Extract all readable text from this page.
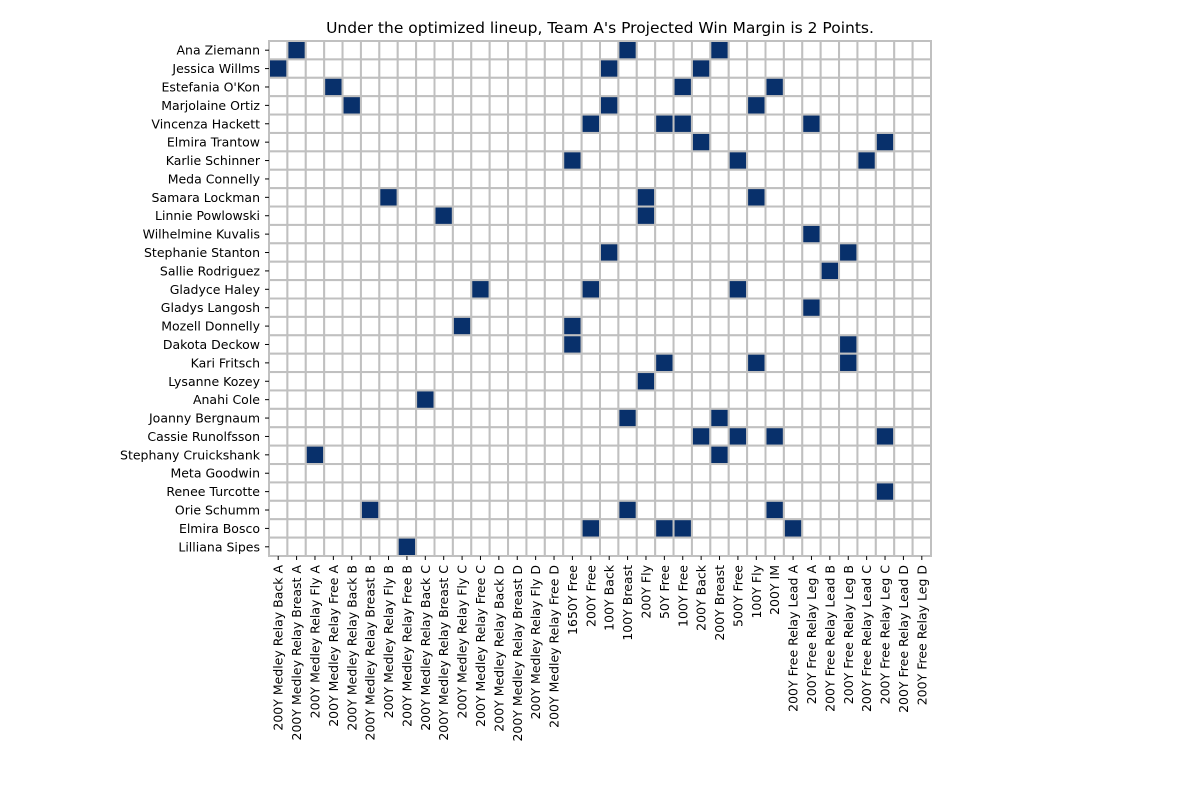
Under the optimized lineup, Team A's Projected Win Margin is 2 Points.
Ana Ziemann
Jessica Willms
Estefania O'Kon
Marjolaine Ortiz
Vincenza Hackett
Elmira Trantow
Karlie Schinner
Meda Connelly
Samara Lockman
Linnie Powlowski
Wilhelmine Kuvalis
Stephanie Stanton
Sallie Rodriguez
Gladyce Haley
Gladys Langosh
Mozell Donnelly
Dakota Deckow
Kari Fritsch
Lysanne Kozey
Anahi Cole
Joanny Bergnaum
Cassie Runolfsson
Stephany Cruickshank
Meta Goodwin
Renee Turcotte
Orie Schumm
Elmira Bosco
Lilliana Sipes
200Y Medley Relay Back A 200Y Medley Relay Breast A 200Y Medley Relay Fly A 200Y Medley Relay Free A 200Y Medley Relay Back B 200Y Medley Relay Breast B 200Y Medley Relay Fly B 200Y Medley Relay Free B 200Y Medley Relay Back C 200Y Medley Relay Breast C 200Y Medley Relay Fly C 200Y Medley Relay Free C 200Y Medley Relay Back D 200Y Medley Relay Breast D 200Y Medley Relay Fly D 200Y Medley Relay Free D 1650Y Free 200Y Free 100Y Back 100Y Breast 200Y Fly 50Y Free 100Y Free 200Y Back 200Y Breast 500Y Free 100Y Fly 200Y IM 200Y Free Relay Lead A 200Y Free Relay Leg A 200Y Free Relay Lead B 200Y Free Relay Leg B 200Y Free Relay Lead C 200Y Free Relay Leg C 200Y Free Relay Lead D 200Y Free Relay Leg D
